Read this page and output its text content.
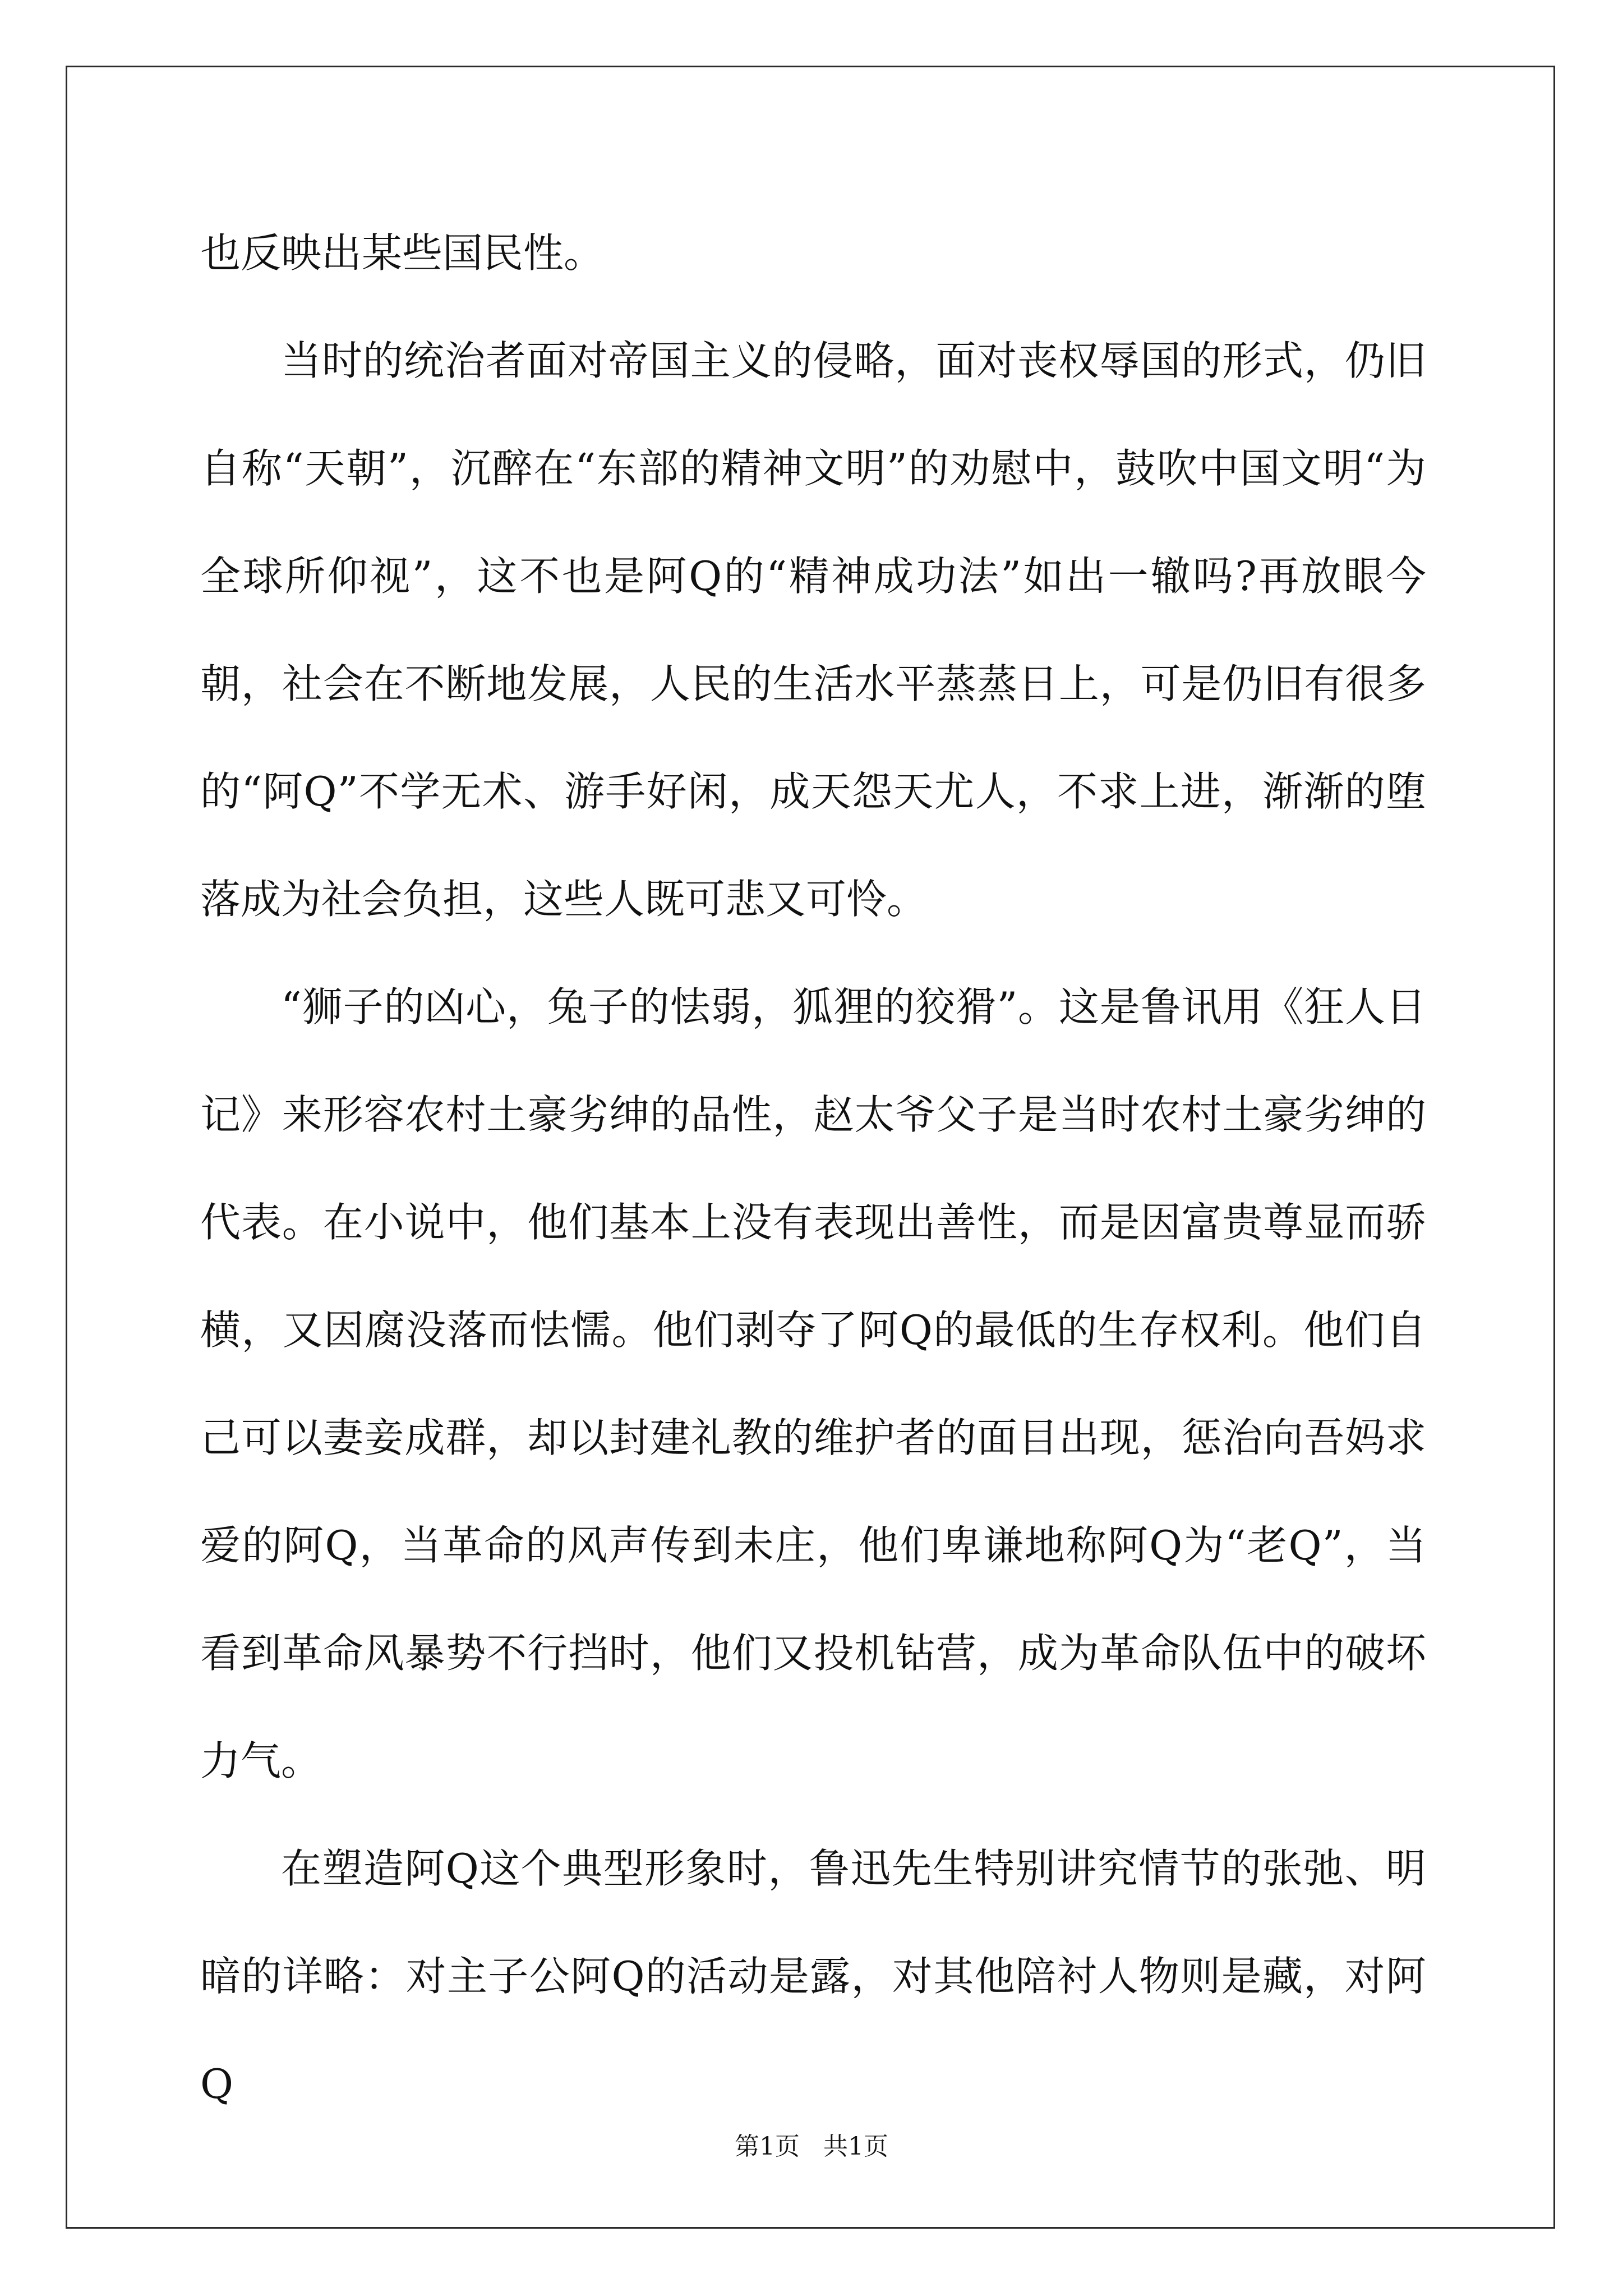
也反映出某些国民性。

当时的统治者面对帝国主义的侵略，面对丧权辱国的形式，仍旧自称“天朝”，沉醉在“东部的精神文明”的劝慰中，鼓吹中国文明“为全球所仰视”，这不也是阿Q的“精神成功法”如出一辙吗?再放眼今朝，社会在不断地发展，人民的生活水平蒸蒸日上，可是仍旧有很多的“阿Q”不学无术、游手好闲，成天怨天尤人，不求上进，渐渐的堕落成为社会负担，这些人既可悲又可怜。

“狮子的凶心，兔子的怯弱，狐狸的狡猾”。这是鲁讯用《狂人日记》来形容农村土豪劣绅的品性，赵太爷父子是当时农村土豪劣绅的代表。在小说中，他们基本上没有表现出善性，而是因富贵尊显而骄横，又因腐没落而怯懦。他们剥夺了阿Q的最低的生存权利。他们自己可以妻妾成群，却以封建礼教的维护者的面目出现，惩治向吾妈求爱的阿Q，当革命的风声传到未庄，他们卑谦地称阿Q为“老Q”，当看到革命风暴势不行挡时，他们又投机钻营，成为革命队伍中的破坏力气。

在塑造阿Q这个典型形象时，鲁迅先生特别讲究情节的张弛、明暗的详略：对主子公阿Q的活动是露，对其他陪衬人物则是藏，对阿Q

第1页 共1页
